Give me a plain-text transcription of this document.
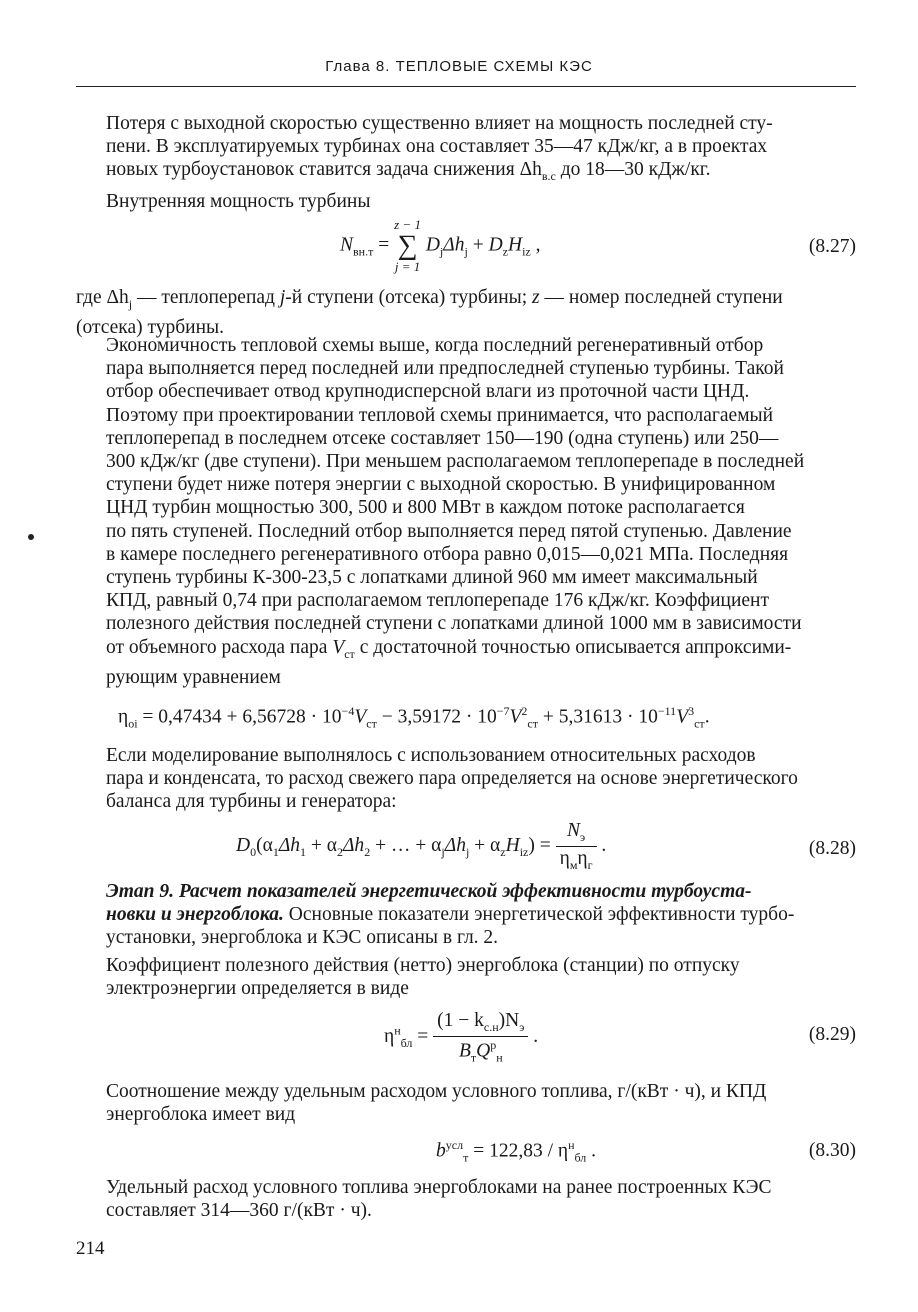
Глава 8. ТЕПЛОВЫЕ СХЕМЫ КЭС
Потеря с выходной скоростью существенно влияет на мощность последней сту-
пени. В эксплуатируемых турбинах она составляет 35—47 кДж/кг, а в проектах
новых турбоустановок ставится задача снижения $\Delta h_{в.с}$ до 18—30 кДж/кг.
Внутренняя мощность турбины
$N_{вн.т}$ =
z − 1
∑
j = 1
$D_j\Delta h_j + D_zH_{iz}$ ,	(8.27)
где $\Delta h_j$ — теплоперепад j-й ступени (отсека) турбины; z — номер последней ступени
(отсека) турбины.
Экономичность тепловой схемы выше, когда последний регенеративный отбор
пара выполняется перед последней или предпоследней ступенью турбины. Такой
отбор обеспечивает отвод крупнодисперсной влаги из проточной части ЦНД.
Поэтому при проектировании тепловой схемы принимается, что располагаемый
теплоперепад в последнем отсеке составляет 150—190 (одна ступень) или 250—
300 кДж/кг (две ступени). При меньшем располагаемом теплоперепаде в последней
ступени будет ниже потеря энергии с выходной скоростью. В унифицированном
ЦНД турбин мощностью 300, 500 и 800 МВт в каждом потоке располагается
по пять ступеней. Последний отбор выполняется перед пятой ступенью. Давление
в камере последнего регенеративного отбора равно 0,015—0,021 МПа. Последняя
ступень турбины К-300-23,5 с лопатками длиной 960 мм имеет максимальный
КПД, равный 0,74 при располагаемом теплоперепаде 176 кДж/кг. Коэффициент
полезного действия последней ступени с лопатками длиной 1000 мм в зависимости
от объемного расхода пара $V_{ст}$ с достаточной точностью описывается аппроксими-
рующим уравнением
$\eta_{oi} = 0,47434 + 6,56728 \cdot 10^{-4}V_{ст} - 3,59172 \cdot 10^{-7}V^2_{ст} + 5,31613 \cdot 10^{-11}V^3_{ст}$.
Если моделирование выполнялось с использованием относительных расходов
пара и конденсата, то расход свежего пара определяется на основе энергетического
баланса для турбины и генератора:
$D_0(\alpha_1\Delta h_1 + \alpha_2\Delta h_2$ + … + $\alpha_j\Delta h_j + \alpha_zH_{iz}) = \frac{N_э}{\eta_м\eta_г}$ .	(8.28)
Этап 9. Расчет показателей энергетической эффективности турбоуста-
новки и энергоблока. Основные показатели энергетической эффективности турбо-
установки, энергоблока и КЭС описаны в гл. 2.
Коэффициент полезного действия (нетто) энергоблока (станции) по отпуску
электроэнергии определяется в виде
$\eta^н_{бл} = \frac{(1 - k_{с.н})N_э}{B_тQ^р_н}$ .	(8.29)
Соотношение между удельным расходом условного топлива, г/(кВт · ч), и КПД
энергоблока имеет вид
$b^{усл}_т = 122,83 / \eta^н_{бл}$ .	(8.30)
Удельный расход условного топлива энергоблоками на ранее построенных КЭС
составляет 314—360 г/(кВт · ч).
214
